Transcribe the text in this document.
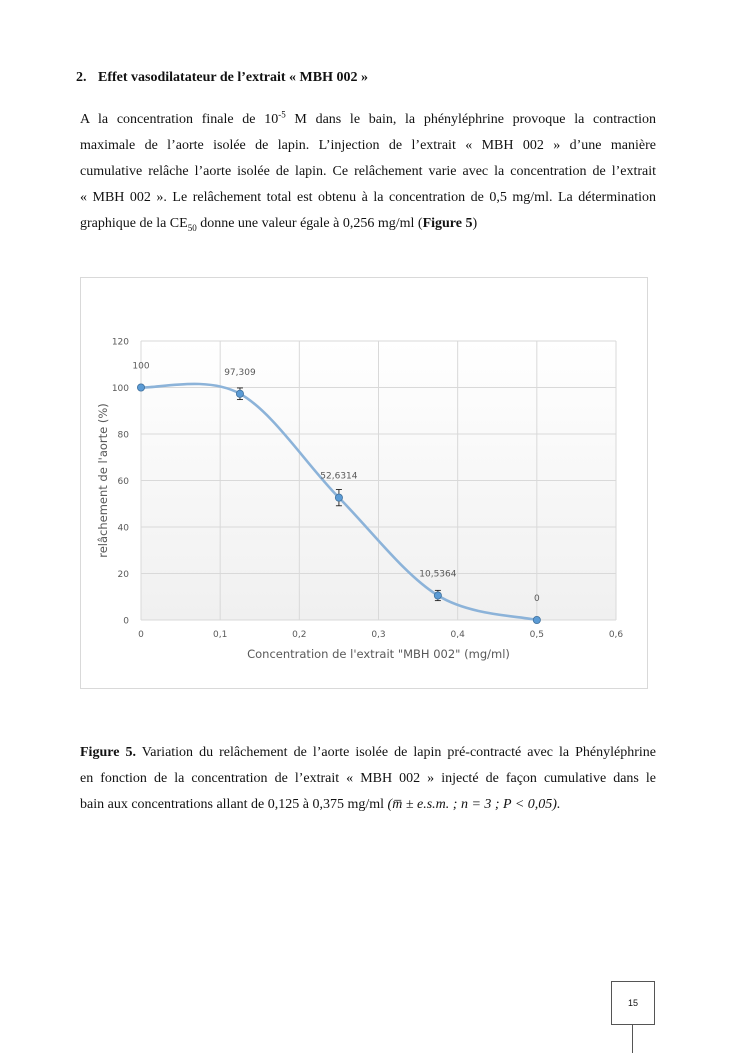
2. Effet vasodilatateur de l’extrait « MBH 002 »
A la concentration finale de $10^{-5}$ M dans le bain, la phényléphrine provoque la contraction
maximale de l’aorte isolée de lapin. L’injection de l’extrait « MBH 002 » d’une manière
cumulative relâche l’aorte isolée de lapin. Ce relâchement varie avec la concentration de l’extrait
« MBH 002 ». Le relâchement total est obtenu à la concentration de 0,5 mg/ml. La détermination
graphique de la $CE_{50}$ donne une valeur égale à 0,256 mg/ml (Figure 5)
0
20
40
60
80
100
120
0	0,1	0,2	0,3	0,4	0,5	0,6
Concentration de l'extrait "MBH 002" (mg/ml)
relâchement de l'aorte (%)
100
97,309
52,6314
10,5364
0
Figure 5. Variation du relâchement de l’aorte isolée de lapin pré-contracté avec la Phényléphrine
en fonction de la concentration de l’extrait « MBH 002 » injecté de façon cumulative dans le
bain aux concentrations allant de 0,125 à 0,375 mg/ml (m̅ ± e.s.m. ; n = 3 ; P < 0,05).
15
